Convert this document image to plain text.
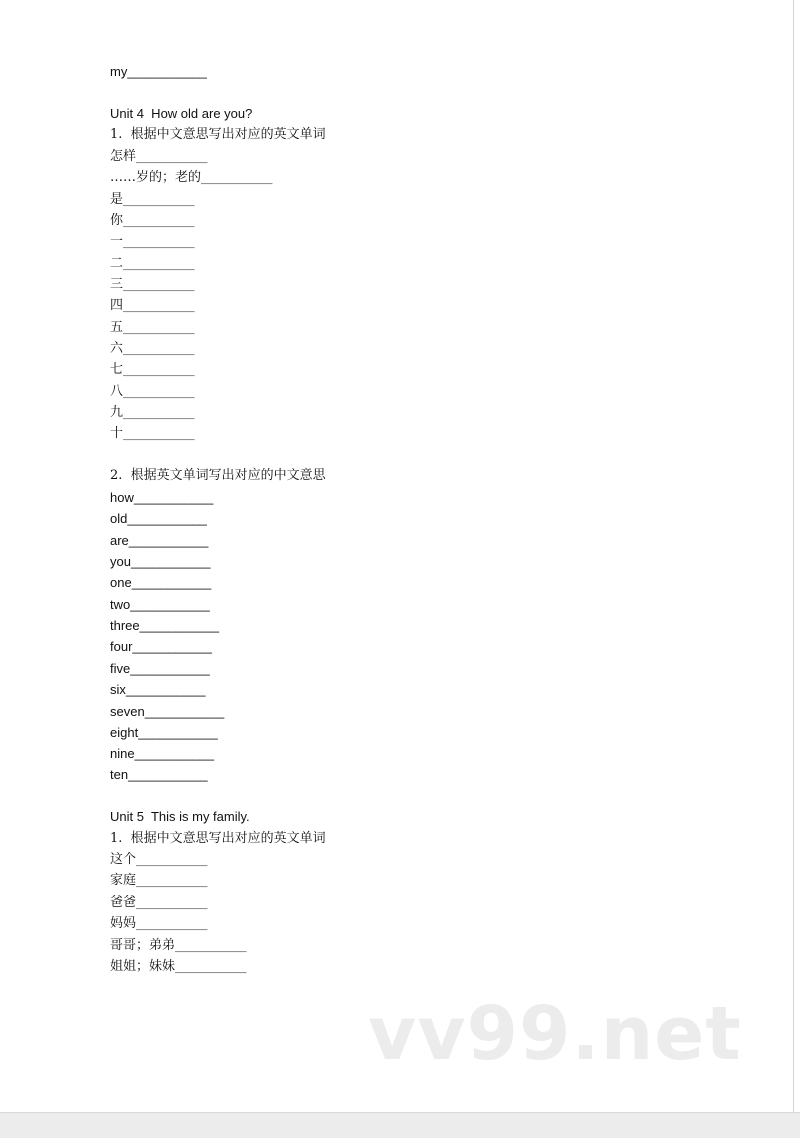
my___________
Unit 4  How old are you?
1.  根据中文意思写出对应的英文单词
怎样___________
……岁的；老的___________
是___________
你___________
一___________
二___________
三___________
四___________
五___________
六___________
七___________
八___________
九___________
十___________
2.  根据英文单词写出对应的中文意思
how___________
old___________
are___________
you___________
one___________
two___________
three___________
four___________
five___________
six___________
seven___________
eight___________
nine___________
ten___________
Unit 5  This is my family.
1.  根据中文意思写出对应的英文单词
这个___________
家庭___________
爸爸___________
妈妈___________
哥哥；弟弟___________
姐姐；妹妹___________
vv99.net
